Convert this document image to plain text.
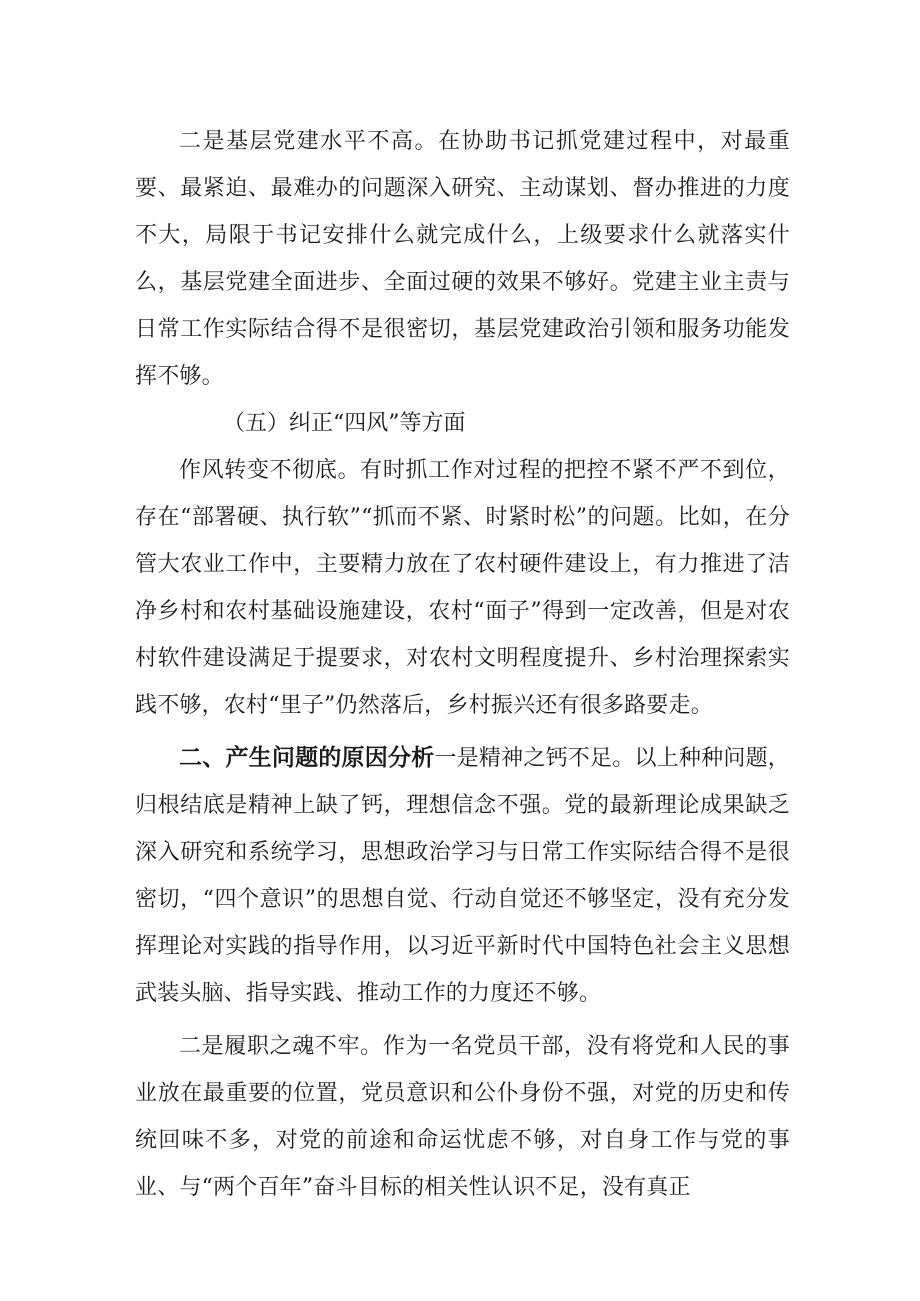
二是基层党建水平不高。在协助书记抓党建过程中，对最重要、最紧迫、最难办的问题深入研究、主动谋划、督办推进的力度不大，局限于书记安排什么就完成什么，上级要求什么就落实什么，基层党建全面进步、全面过硬的效果不够好。党建主业主责与日常工作实际结合得不是很密切，基层党建政治引领和服务功能发挥不够。

（五）纠正“四风”等方面

作风转变不彻底。有时抓工作对过程的把控不紧不严不到位，存在“部署硬、执行软”“抓而不紧、时紧时松”的问题。比如，在分管大农业工作中，主要精力放在了农村硬件建设上，有力推进了洁净乡村和农村基础设施建设，农村“面子”得到一定改善，但是对农村软件建设满足于提要求，对农村文明程度提升、乡村治理探索实践不够，农村“里子”仍然落后，乡村振兴还有很多路要走。

二、产生问题的原因分析一是精神之钙不足。以上种种问题，归根结底是精神上缺了钙，理想信念不强。党的最新理论成果缺乏深入研究和系统学习，思想政治学习与日常工作实际结合得不是很密切，“四个意识”的思想自觉、行动自觉还不够坚定，没有充分发挥理论对实践的指导作用，以习近平新时代中国特色社会主义思想武装头脑、指导实践、推动工作的力度还不够。

二是履职之魂不牢。作为一名党员干部，没有将党和人民的事业放在最重要的位置，党员意识和公仆身份不强，对党的历史和传统回味不多，对党的前途和命运忧虑不够，对自身工作与党的事业、与“两个百年”奋斗目标的相关性认识不足，没有真正
